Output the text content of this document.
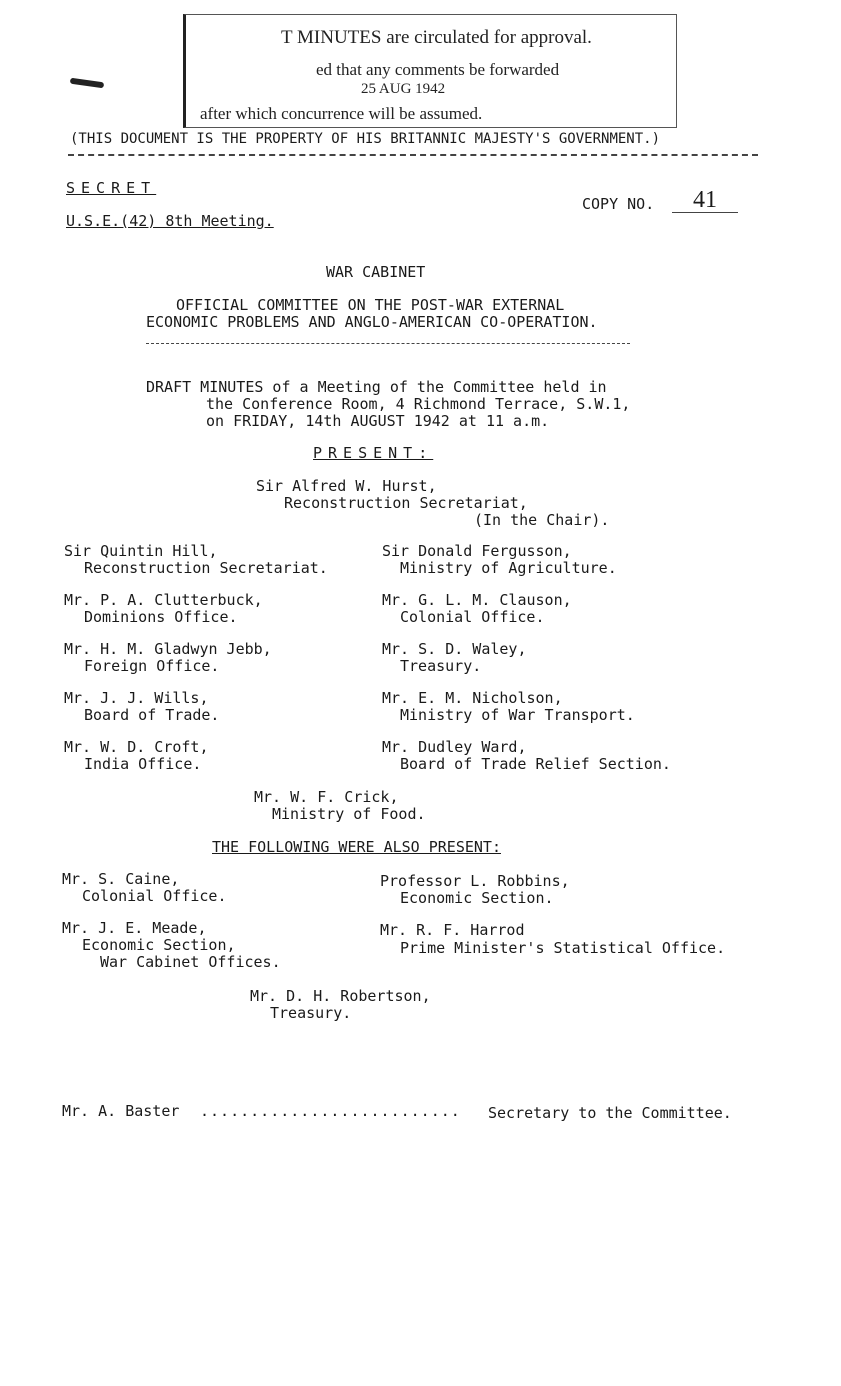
T MINUTES are circulated for approval.
ed that any comments be forwarded
25 AUG 1942
after which concurrence will be assumed.
(THIS DOCUMENT IS THE PROPERTY OF HIS BRITANNIC MAJESTY'S GOVERNMENT.)
SECRET
U.S.E.(42) 8th Meeting.
COPY NO.	41
WAR CABINET
OFFICIAL COMMITTEE ON THE POST-WAR EXTERNAL
ECONOMIC PROBLEMS AND ANGLO-AMERICAN CO-OPERATION.
DRAFT MINUTES of a Meeting of the Committee held in
the Conference Room, 4 Richmond Terrace, S.W.1,
on FRIDAY, 14th AUGUST 1942 at 11 a.m.
PRESENT:
Sir Alfred W. Hurst,
Reconstruction Secretariat,
(In the Chair).
Sir Quintin Hill,
Reconstruction Secretariat.
Mr. P. A. Clutterbuck,
Dominions Office.
Mr. H. M. Gladwyn Jebb,
Foreign Office.
Mr. J. J. Wills,
Board of Trade.
Mr. W. D. Croft,
India Office.
Sir Donald Fergusson,
Ministry of Agriculture.
Mr. G. L. M. Clauson,
Colonial Office.
Mr. S. D. Waley,
Treasury.
Mr. E. M. Nicholson,
Ministry of War Transport.
Mr. Dudley Ward,
Board of Trade Relief Section.
Mr. W. F. Crick,
Ministry of Food.
THE FOLLOWING WERE ALSO PRESENT:
Mr. S. Caine,
Colonial Office.
Mr. J. E. Meade,
Economic Section,
War Cabinet Offices.
Professor L. Robbins,
Economic Section.
Mr. R. F. Harrod
Prime Minister's Statistical Office.
Mr. D. H. Robertson,
Treasury.
Mr. A. Baster .......................... Secretary to the Committee.
